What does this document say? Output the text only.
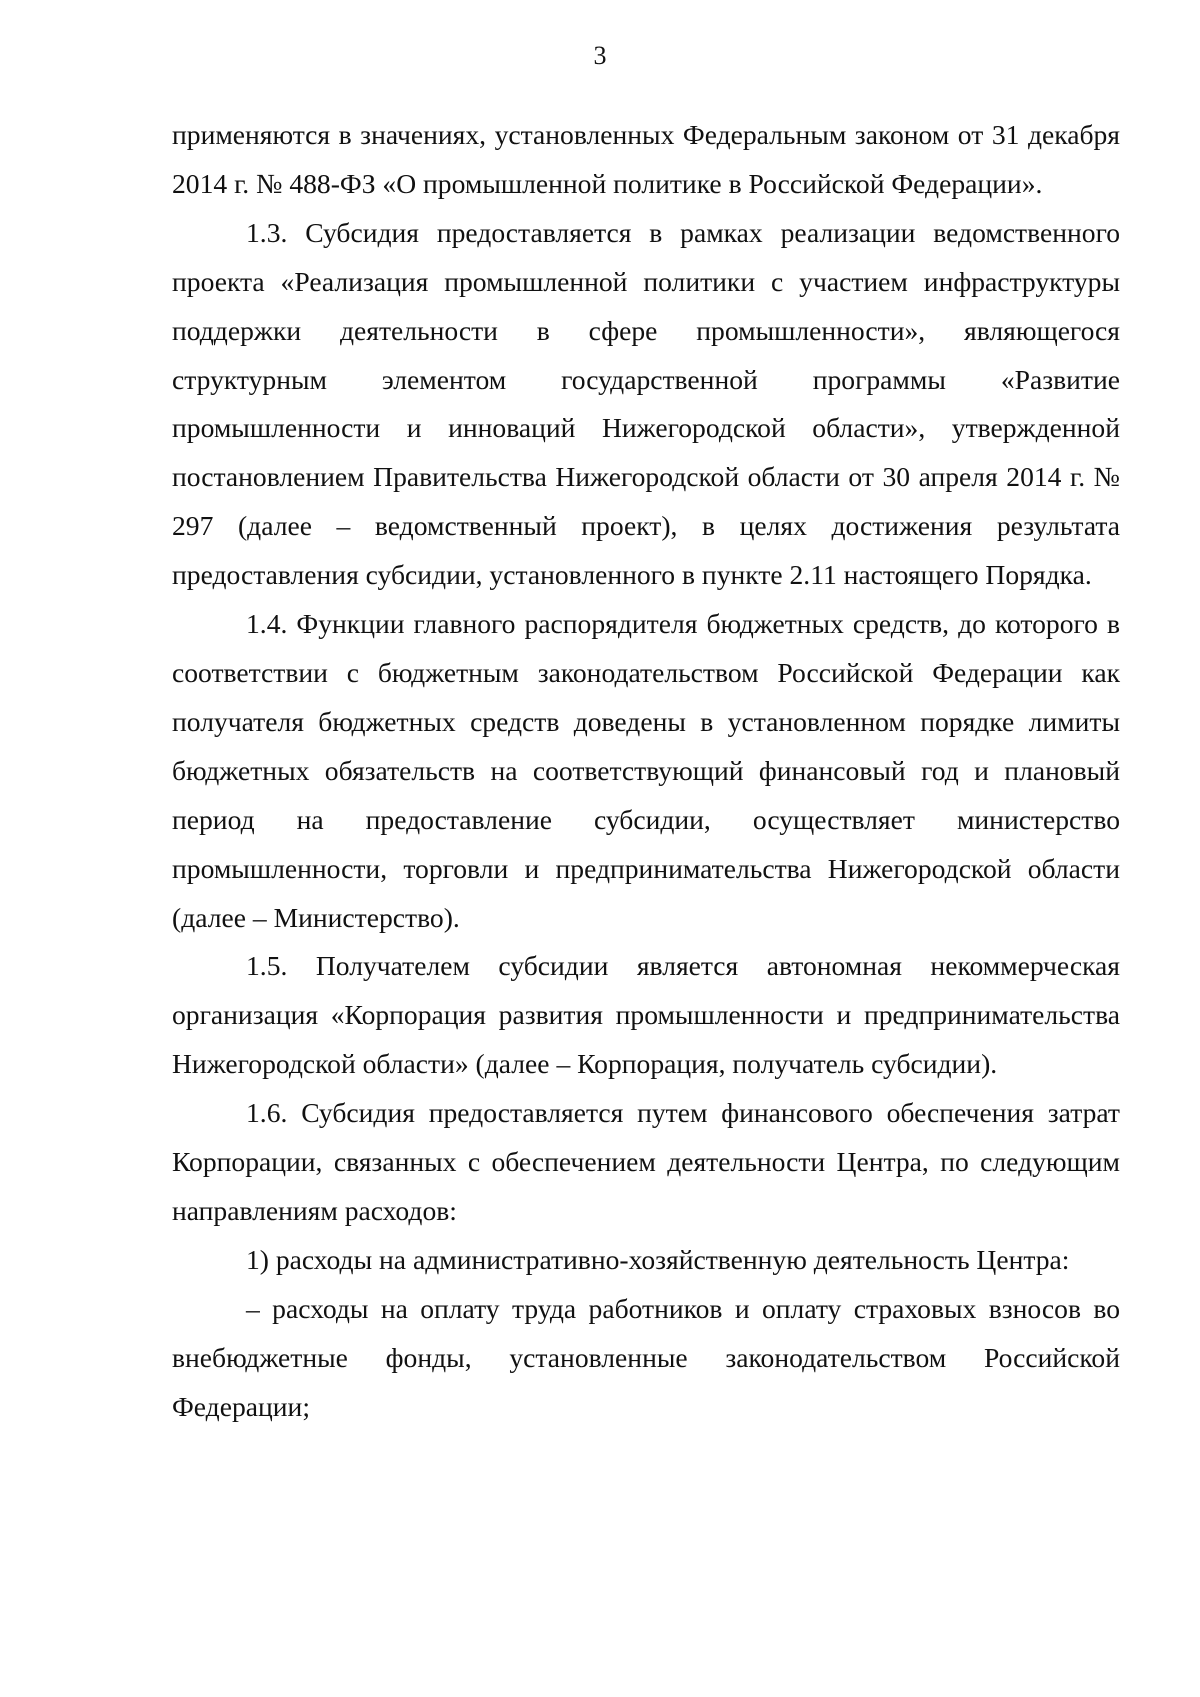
3

применяются в значениях, установленных Федеральным законом от 31 декабря 2014 г. № 488-ФЗ «О промышленной политике в Российской Федерации».

1.3. Субсидия предоставляется в рамках реализации ведомственного проекта «Реализация промышленной политики с участием инфраструктуры поддержки деятельности в сфере промышленности», являющегося структурным элементом государственной программы «Развитие промышленности и инноваций Нижегородской области», утвержденной постановлением Правительства Нижегородской области от 30 апреля 2014 г. № 297 (далее – ведомственный проект), в целях достижения результата предоставления субсидии, установленного в пункте 2.11 настоящего Порядка.

1.4. Функции главного распорядителя бюджетных средств, до которого в соответствии с бюджетным законодательством Российской Федерации как получателя бюджетных средств доведены в установленном порядке лимиты бюджетных обязательств на соответствующий финансовый год и плановый период на предоставление субсидии, осуществляет министерство промышленности, торговли и предпринимательства Нижегородской области (далее – Министерство).

1.5. Получателем субсидии является автономная некоммерческая организация «Корпорация развития промышленности и предпринимательства Нижегородской области» (далее – Корпорация, получатель субсидии).

1.6. Субсидия предоставляется путем финансового обеспечения затрат Корпорации, связанных с обеспечением деятельности Центра, по следующим направлениям расходов:

1) расходы на административно-хозяйственную деятельность Центра:

– расходы на оплату труда работников и оплату страховых взносов во внебюджетные фонды, установленные законодательством Российской Федерации;
